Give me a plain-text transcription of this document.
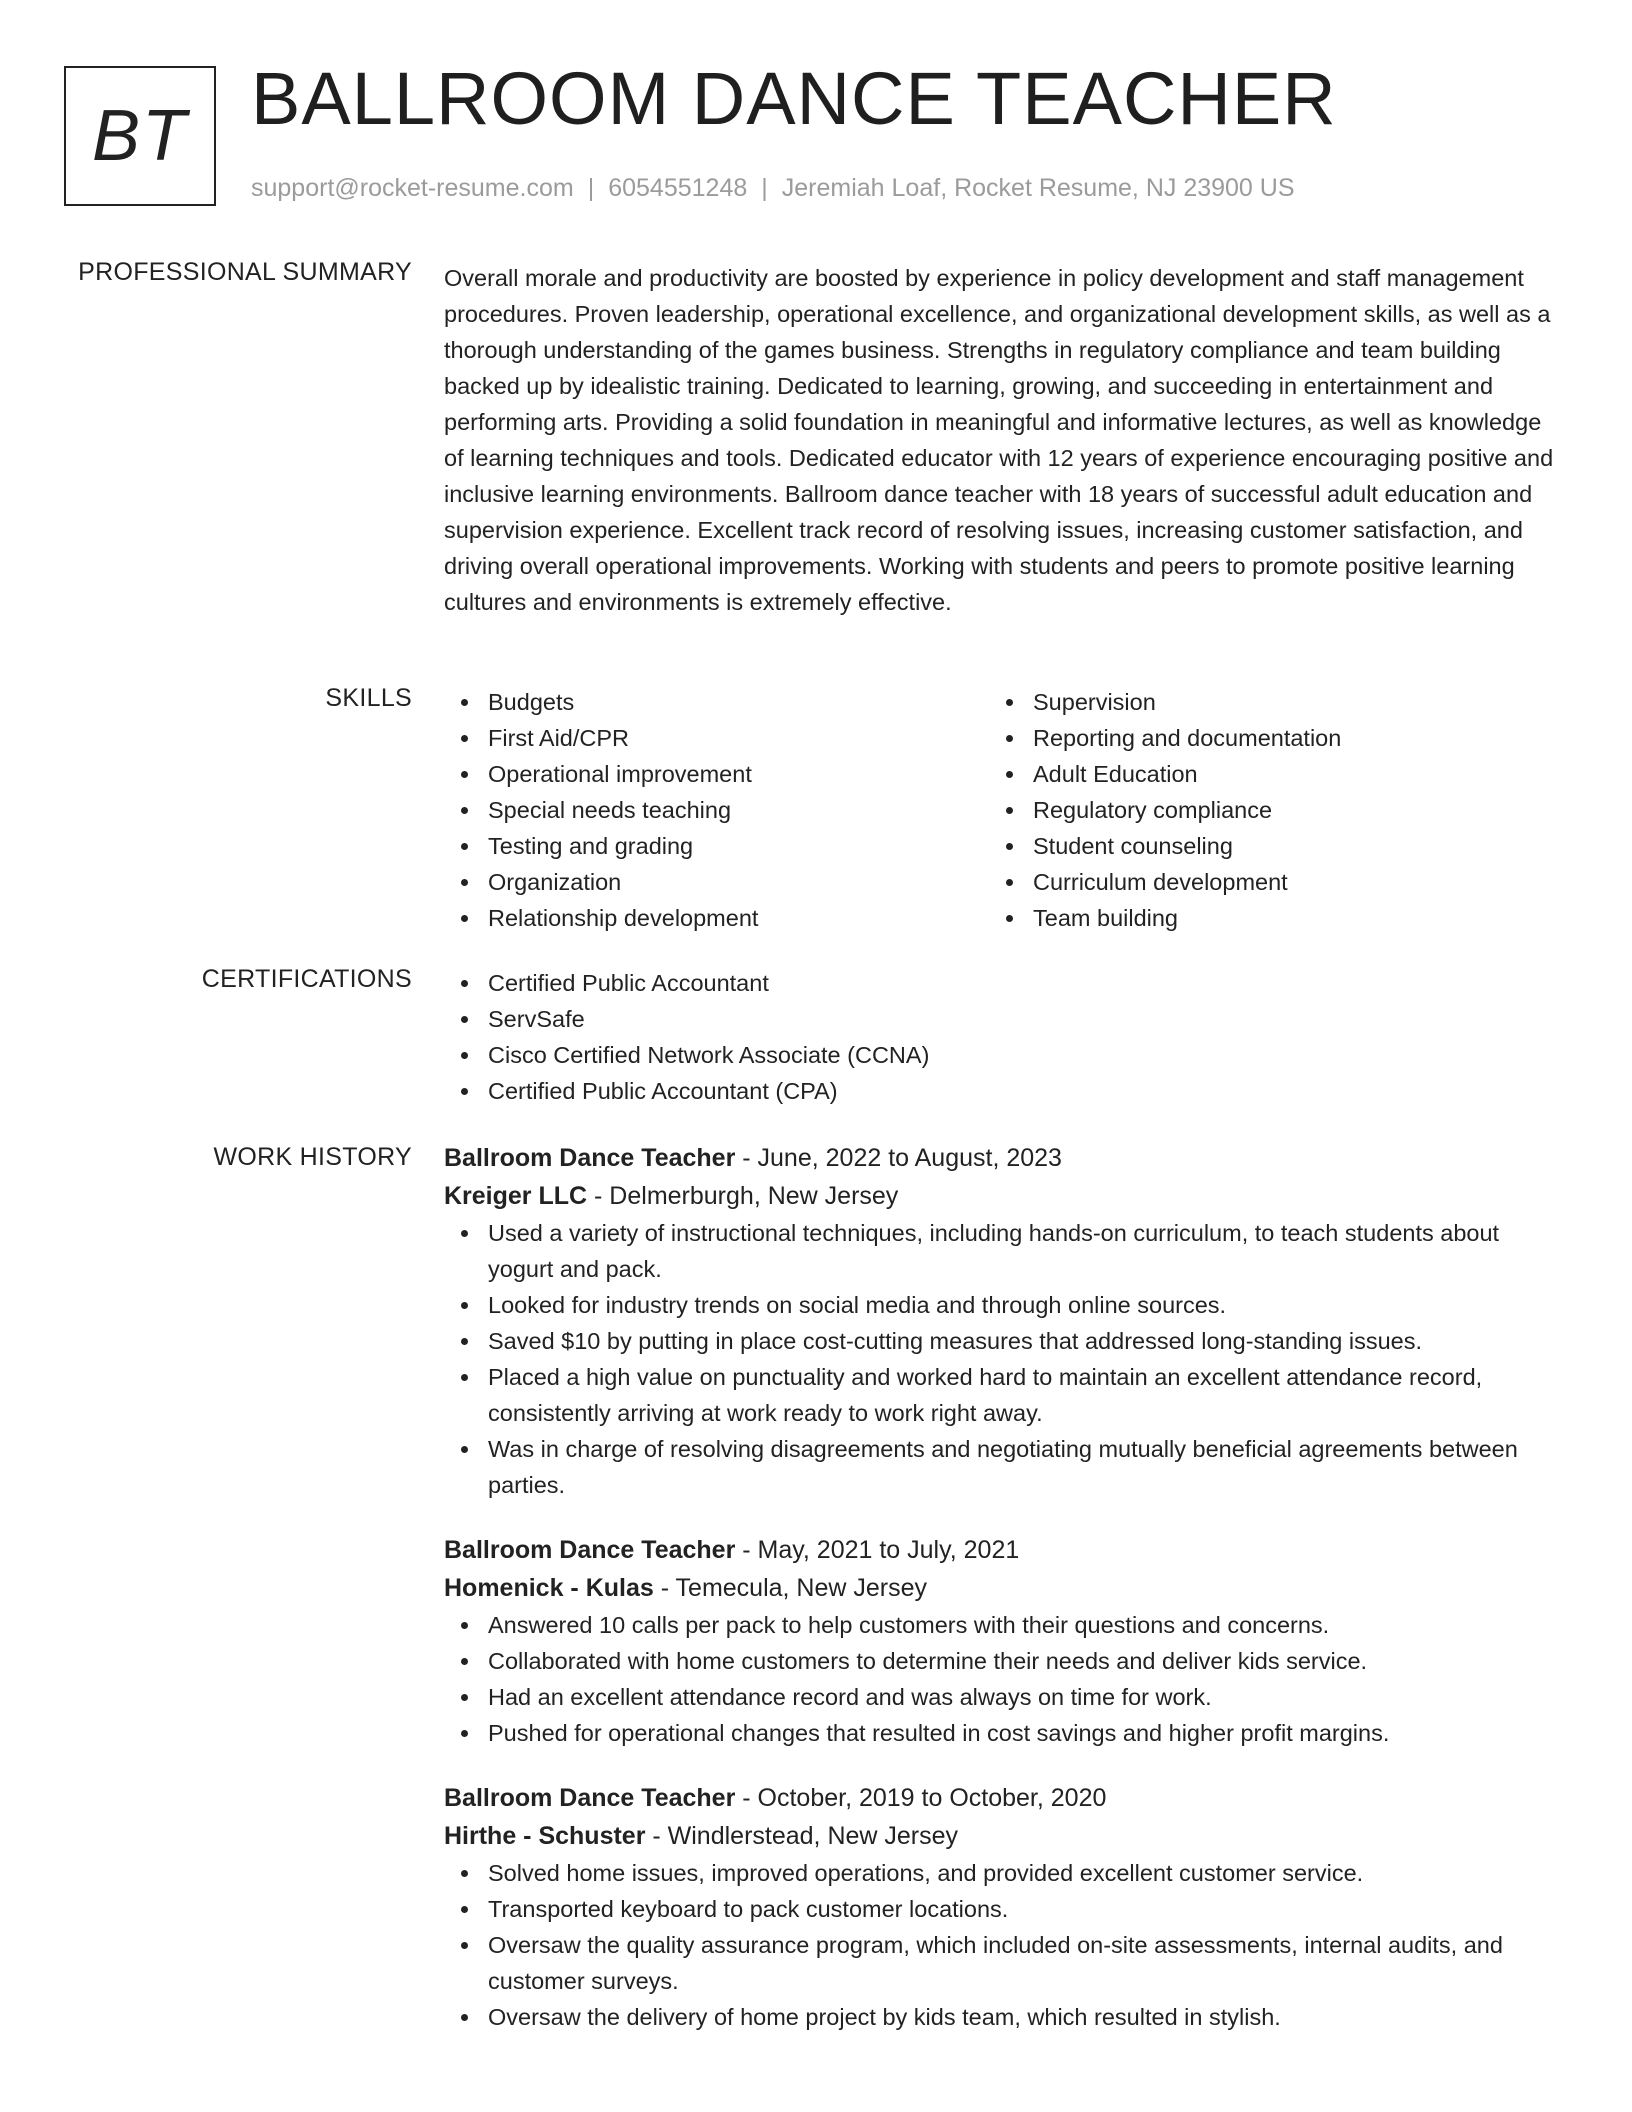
BT BALLROOM DANCE TEACHER
support@rocket-resume.com | 6054551248 | Jeremiah Loaf, Rocket Resume, NJ 23900 US
PROFESSIONAL SUMMARY Overall morale and productivity are boosted by experience in policy development and staff management procedures. Proven leadership, operational excellence, and organizational development skills, as well as a thorough understanding of the games business. Strengths in regulatory compliance and team building backed up by idealistic training. Dedicated to learning, growing, and succeeding in entertainment and performing arts. Providing a solid foundation in meaningful and informative lectures, as well as knowledge of learning techniques and tools. Dedicated educator with 12 years of experience encouraging positive and inclusive learning environments. Ballroom dance teacher with 18 years of successful adult education and supervision experience. Excellent track record of resolving issues, increasing customer satisfaction, and driving overall operational improvements. Working with students and peers to promote positive learning cultures and environments is extremely effective.

SKILLS	Budgets
First Aid/CPR
Operational improvement
Special needs teaching
Testing and grading
Organization
Relationship development
Supervision
Reporting and documentation
Adult Education
Regulatory compliance
Student counseling
Curriculum development
Team building
CERTIFICATIONS	Certified Public Accountant
ServSafe
Cisco Certified Network Associate (CCNA)
Certified Public Accountant (CPA)
WORK HISTORY Ballroom Dance Teacher - June, 2022 to August, 2023
Kreiger LLC - Delmerburgh, New Jersey
Used a variety of instructional techniques, including hands-on curriculum, to teach students about yogurt and pack.
Looked for industry trends on social media and through online sources.
Saved $10 by putting in place cost-cutting measures that addressed long-standing issues.
Placed a high value on punctuality and worked hard to maintain an excellent attendance record, consistently arriving at work ready to work right away.
Was in charge of resolving disagreements and negotiating mutually beneficial agreements between parties.
Ballroom Dance Teacher - May, 2021 to July, 2021
Homenick - Kulas - Temecula, New Jersey
Answered 10 calls per pack to help customers with their questions and concerns.
Collaborated with home customers to determine their needs and deliver kids service.
Had an excellent attendance record and was always on time for work.
Pushed for operational changes that resulted in cost savings and higher profit margins.
Ballroom Dance Teacher - October, 2019 to October, 2020
Hirthe - Schuster - Windlerstead, New Jersey
Solved home issues, improved operations, and provided excellent customer service.
Transported keyboard to pack customer locations.
Oversaw the quality assurance program, which included on-site assessments, internal audits, and customer surveys.
Oversaw the delivery of home project by kids team, which resulted in stylish.
